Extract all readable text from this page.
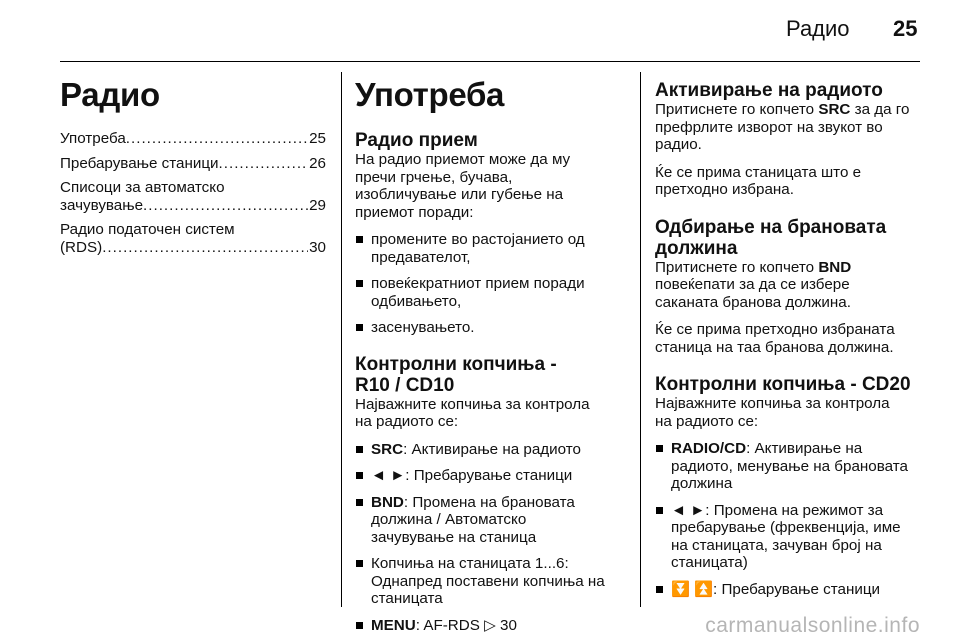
Радио 25
Радио
Употреба .....	25
Пребарување станици .....	26
Списоци за автоматско
зачувување .....	29
Радио податочен систем
(RDS) .....	30
Употреба
Радио прием
На радио приемот може да му
пречи грчење, бучава,
изобличување или губење на
приемот поради:
промените во растојанието од
предавателот,
повеќекратниот прием поради
одбивањето,
засенувањето.
Контролни копчиња -
R10 / CD10
Најважните копчиња за контрола
на радиото се:
SRC: Активирање на радиото
◄ ►: Пребарување станици
BND: Промена на брановата
должина / Автоматско
зачувување на станица
Копчиња на станицата 1...6:
Однапред поставени копчиња на
станицата
MENU: AF-RDS ▷ 30
Активирање на радиото
Притиснете го копчето SRC за да го
префрлите изворот на звукот во
радио.
Ќе се прима станицата што е
претходно избрана.
Одбирање на брановата
должина
Притиснете го копчето BND
повеќепати за да се избере
саканата бранова должина.
Ќе се прима претходно избраната
станица на таа бранова должина.
Контролни копчиња - CD20
Најважните копчиња за контрола
на радиото се:
RADIO/CD: Активирање на
радиото, менување на брановата
должина
◄ ►: Промена на режимот за
пребарување (фреквенција, име
на станицата, зачуван број на
станицата)
⏬ ⏫: Пребарување станици
carmanualsonline.info
